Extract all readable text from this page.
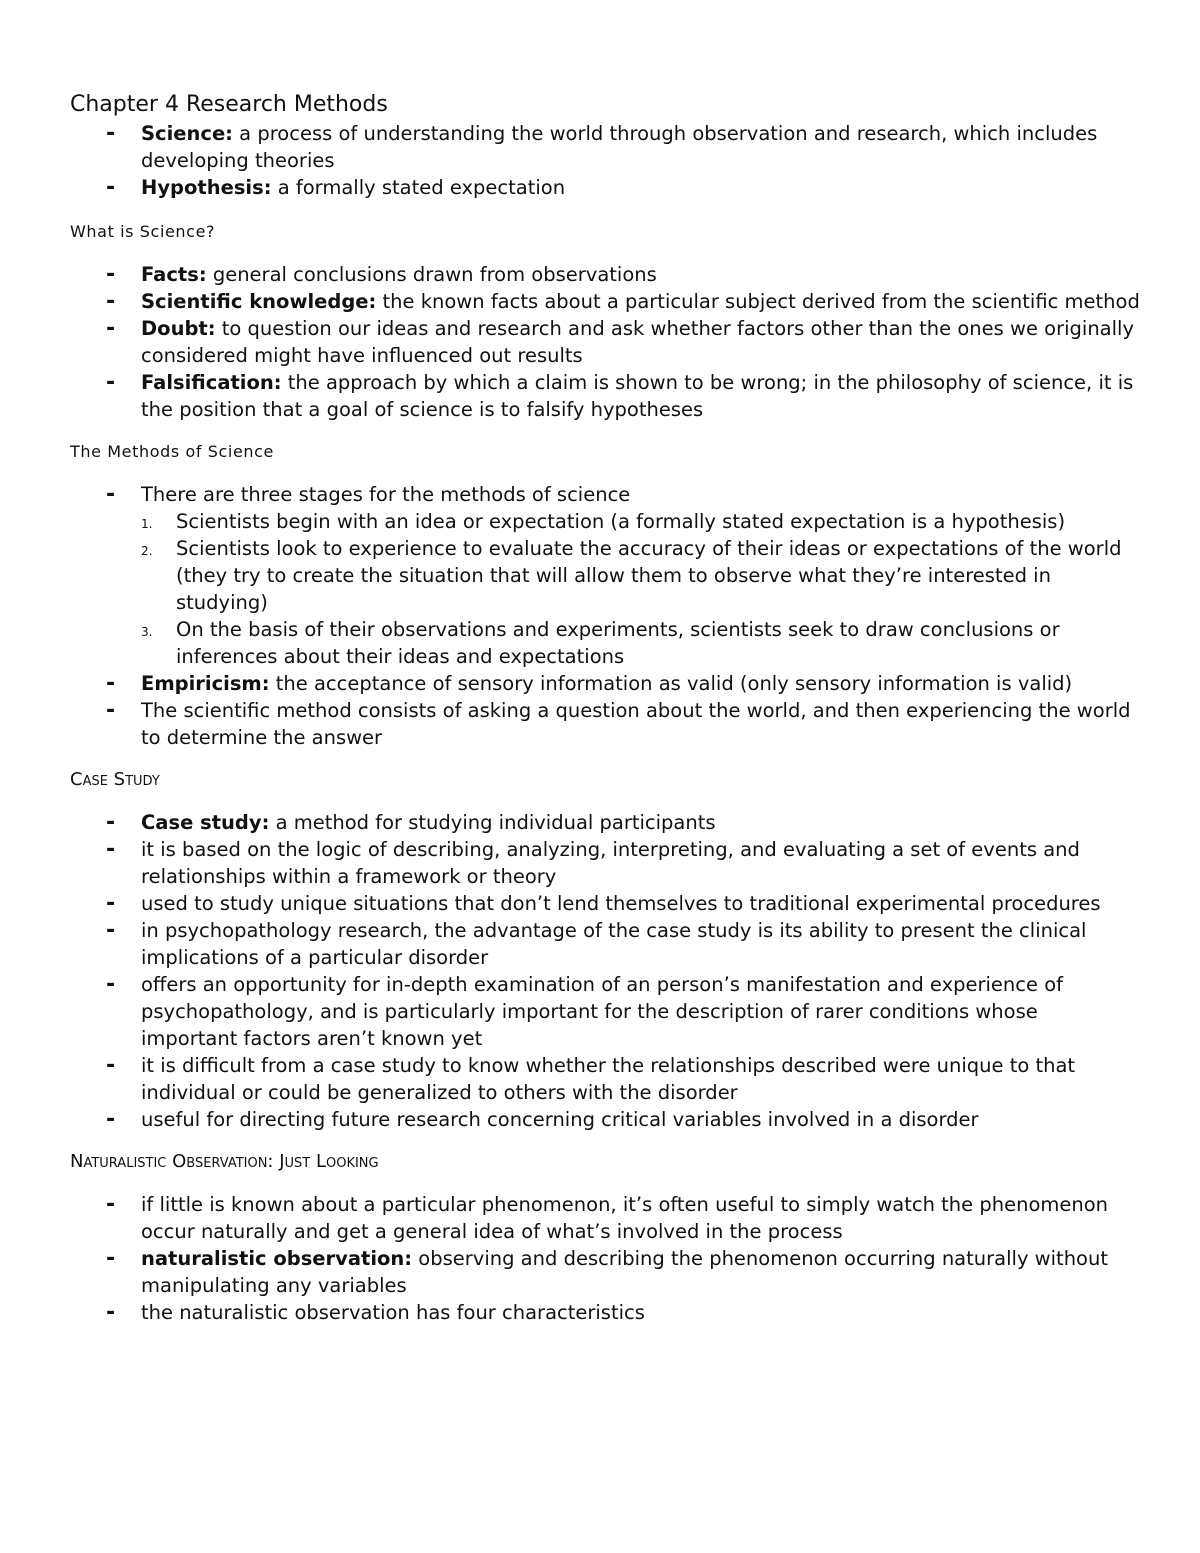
Chapter 4 Research Methods
- Science: a process of understanding the world through observation and research, which includes developing theories
- Hypothesis: a formally stated expectation
What is Science?
- Facts: general conclusions drawn from observations
- Scientific knowledge: the known facts about a particular subject derived from the scientific method
- Doubt: to question our ideas and research and ask whether factors other than the ones we originally considered might have influenced out results
- Falsification: the approach by which a claim is shown to be wrong; in the philosophy of science, it is the position that a goal of science is to falsify hypotheses
The Methods of Science
- There are three stages for the methods of science
1. Scientists begin with an idea or expectation (a formally stated expectation is a hypothesis)
2. Scientists look to experience to evaluate the accuracy of their ideas or expectations of the world (they try to create the situation that will allow them to observe what they’re interested in studying)
3. On the basis of their observations and experiments, scientists seek to draw conclusions or inferences about their ideas and expectations
- Empiricism: the acceptance of sensory information as valid (only sensory information is valid)
- The scientific method consists of asking a question about the world, and then experiencing the world to determine the answer
Case Study
- Case study: a method for studying individual participants
- it is based on the logic of describing, analyzing, interpreting, and evaluating a set of events and relationships within a framework or theory
- used to study unique situations that don’t lend themselves to traditional experimental procedures
- in psychopathology research, the advantage of the case study is its ability to present the clinical implications of a particular disorder
- offers an opportunity for in-depth examination of an person’s manifestation and experience of psychopathology, and is particularly important for the description of rarer conditions whose important factors aren’t known yet
- it is difficult from a case study to know whether the relationships described were unique to that individual or could be generalized to others with the disorder
- useful for directing future research concerning critical variables involved in a disorder
Naturalistic Observation: Just Looking
- if little is known about a particular phenomenon, it’s often useful to simply watch the phenomenon occur naturally and get a general idea of what’s involved in the process
- naturalistic observation: observing and describing the phenomenon occurring naturally without manipulating any variables
- the naturalistic observation has four characteristics
